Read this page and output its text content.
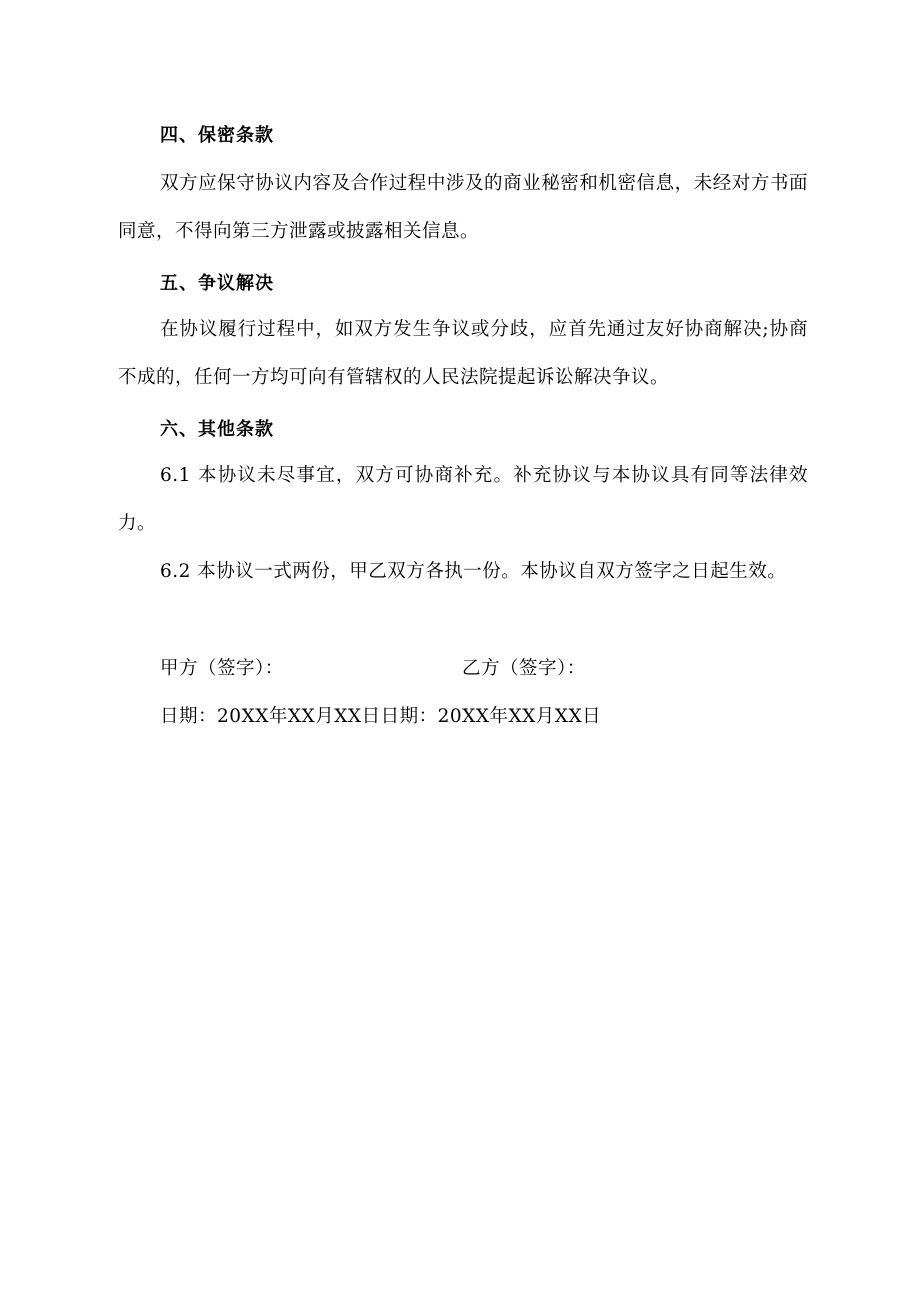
四、保密条款
双方应保守协议内容及合作过程中涉及的商业秘密和机密信息，未经对方书面同意，不得向第三方泄露或披露相关信息。
五、争议解决
在协议履行过程中，如双方发生争议或分歧，应首先通过友好协商解决;协商不成的，任何一方均可向有管辖权的人民法院提起诉讼解决争议。
六、其他条款
6.1 本协议未尽事宜，双方可协商补充。补充协议与本协议具有同等法律效力。
6.2 本协议一式两份，甲乙双方各执一份。本协议自双方签字之日起生效。
甲方（签字）：	乙方（签字）：
日期：20XX年XX月XX日日期：20XX年XX月XX日
